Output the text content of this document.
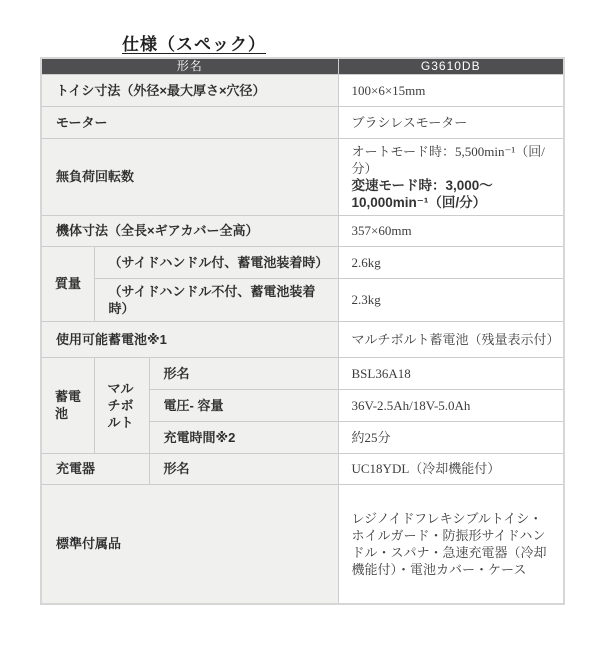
仕様（スペック）
形名			G3610DB
トイシ寸法（外径×最大厚さ×穴径）			100×6×15mm
モーター			ブラシレスモーター
無負荷回転数			オートモード時：5,500min⁻¹（回/分）
変速モード時：3,000～10,000min⁻¹（回/分）

機体寸法（全長×ギアカバー全高）			357×60mm
質量	（サイドハンドル付、蓄電池装着時）		2.6kg
	（サイドハンドル不付、蓄電池装着時）		2.3kg
使用可能蓄電池※1			マルチボルト蓄電池（残量表示付）
蓄電池	マルチボルト	形名	BSL36A18
		電圧- 容量	36V-2.5Ah/18V-5.0Ah
		充電時間※2	約25分
充電器		形名	UC18YDL（冷却機能付）
標準付属品			レジノイドフレキシブルトイシ・ホイルガード・防振形サイドハンドル・スパナ・急速充電器（冷却機能付）・電池カバー・ケース
